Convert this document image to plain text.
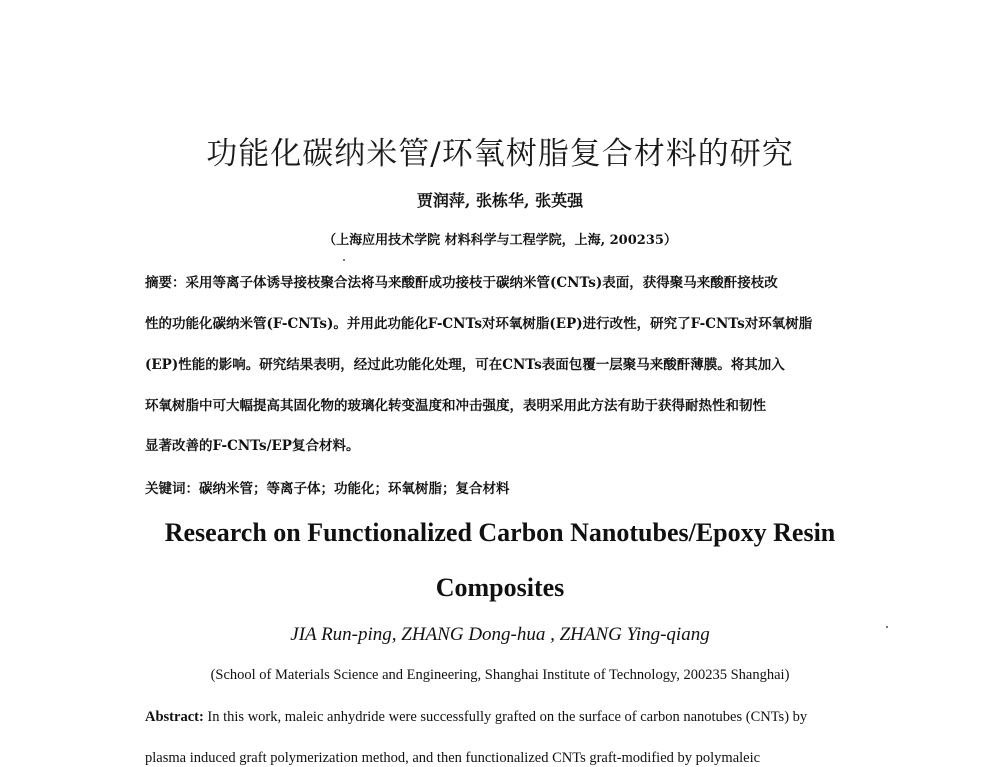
功能化碳纳米管/环氧树脂复合材料的研究
贾润萍, 张栋华, 张英强
（上海应用技术学院 材料科学与工程学院，上海, 200235）
摘要：采用等离子体诱导接枝聚合法将马来酸酐成功接枝于碳纳米管(CNTs)表面，获得聚马来酸酐接枝改
性的功能化碳纳米管(F-CNTs)。并用此功能化F-CNTs对环氧树脂(EP)进行改性，研究了F-CNTs对环氧树脂
(EP)性能的影响。研究结果表明，经过此功能化处理，可在CNTs表面包覆一层聚马来酸酐薄膜。将其加入
环氧树脂中可大幅提高其固化物的玻璃化转变温度和冲击强度，表明采用此方法有助于获得耐热性和韧性
显著改善的F-CNTs/EP复合材料。
关键词：碳纳米管；等离子体；功能化；环氧树脂；复合材料
Research on Functionalized Carbon Nanotubes/Epoxy Resin
Composites
JIA Run-ping, ZHANG Dong-hua , ZHANG Ying-qiang
(School of Materials Science and Engineering, Shanghai Institute of Technology, 200235 Shanghai)
Abstract: In this work, maleic anhydride were successfully grafted on the surface of carbon nanotubes (CNTs) by
plasma induced graft polymerization method, and then functionalized CNTs graft-modified by polymaleic
